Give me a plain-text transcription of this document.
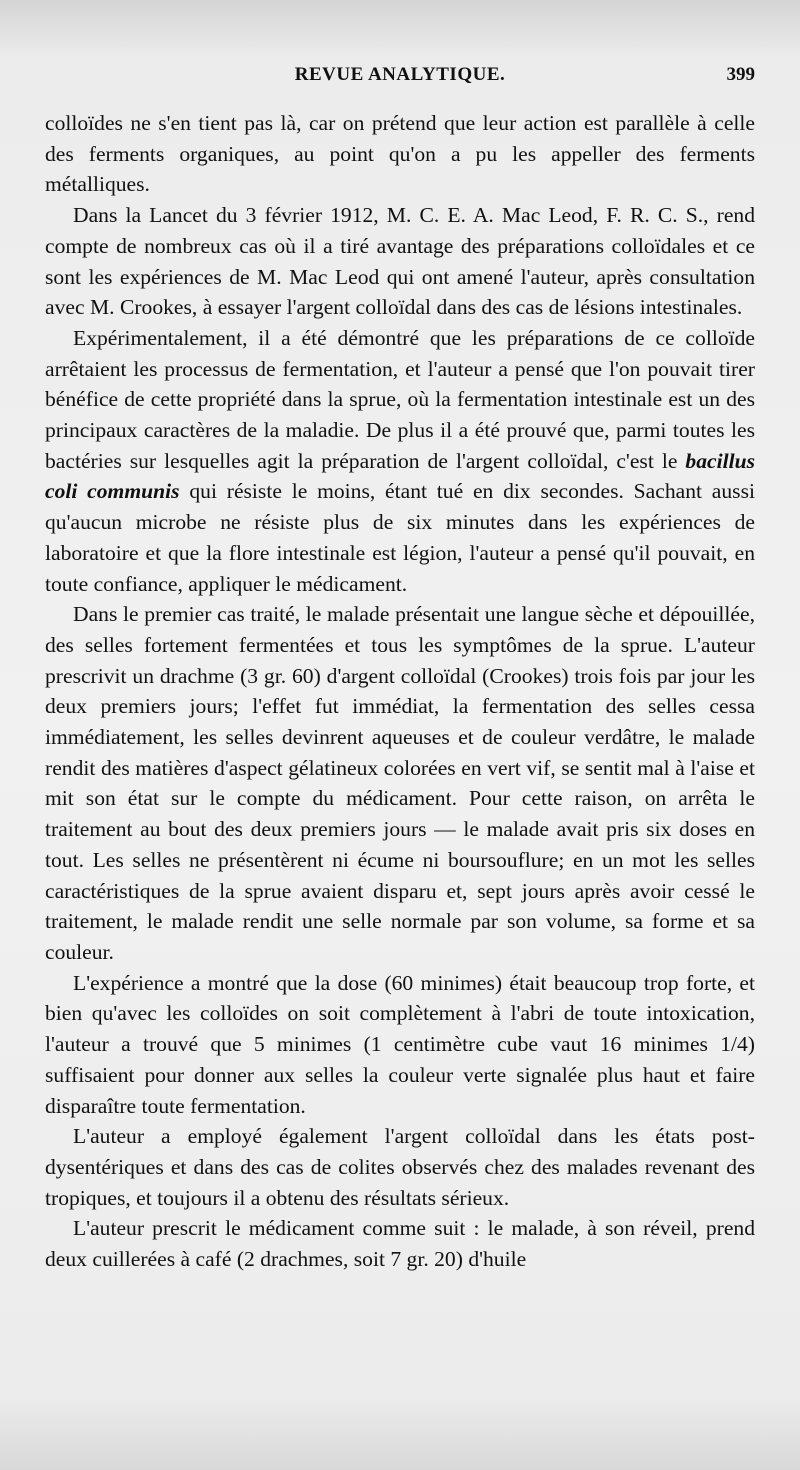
REVUE ANALYTIQUE.	399

colloïdes ne s'en tient pas là, car on prétend que leur action est parallèle à celle des ferments organiques, au point qu'on a pu les appeller des ferments métalliques.

Dans la Lancet du 3 février 1912, M. C. E. A. Mac Leod, F. R. C. S., rend compte de nombreux cas où il a tiré avantage des préparations colloïdales et ce sont les expériences de M. Mac Leod qui ont amené l'auteur, après consultation avec M. Crookes, à essayer l'argent colloïdal dans des cas de lésions intestinales.

Expérimentalement, il a été démontré que les préparations de ce colloïde arrêtaient les processus de fermentation, et l'auteur a pensé que l'on pouvait tirer bénéfice de cette propriété dans la sprue, où la fermentation intestinale est un des principaux caractères de la maladie. De plus il a été prouvé que, parmi toutes les bactéries sur lesquelles agit la préparation de l'argent colloïdal, c'est le bacillus coli communis qui résiste le moins, étant tué en dix secondes. Sachant aussi qu'aucun microbe ne résiste plus de six minutes dans les expériences de laboratoire et que la flore intestinale est légion, l'auteur a pensé qu'il pouvait, en toute confiance, appliquer le médicament.

Dans le premier cas traité, le malade présentait une langue sèche et dépouillée, des selles fortement fermentées et tous les symptômes de la sprue. L'auteur prescrivit un drachme (3 gr. 60) d'argent colloïdal (Crookes) trois fois par jour les deux premiers jours; l'effet fut immédiat, la fermentation des selles cessa immédiatement, les selles devinrent aqueuses et de couleur verdâtre, le malade rendit des matières d'aspect gélatineux colorées en vert vif, se sentit mal à l'aise et mit son état sur le compte du médicament. Pour cette raison, on arrêta le traitement au bout des deux premiers jours — le malade avait pris six doses en tout. Les selles ne présentèrent ni écume ni boursouflure; en un mot les selles caractéristiques de la sprue avaient disparu et, sept jours après avoir cessé le traitement, le malade rendit une selle normale par son volume, sa forme et sa couleur.

L'expérience a montré que la dose (60 minimes) était beaucoup trop forte, et bien qu'avec les colloïdes on soit complètement à l'abri de toute intoxication, l'auteur a trouvé que 5 minimes (1 centimètre cube vaut 16 minimes 1/4) suffisaient pour donner aux selles la couleur verte signalée plus haut et faire disparaître toute fermentation.

L'auteur a employé également l'argent colloïdal dans les états post-dysentériques et dans des cas de colites observés chez des malades revenant des tropiques, et toujours il a obtenu des résultats sérieux.

L'auteur prescrit le médicament comme suit : le malade, à son réveil, prend deux cuillerées à café (2 drachmes, soit 7 gr. 20) d'huile
